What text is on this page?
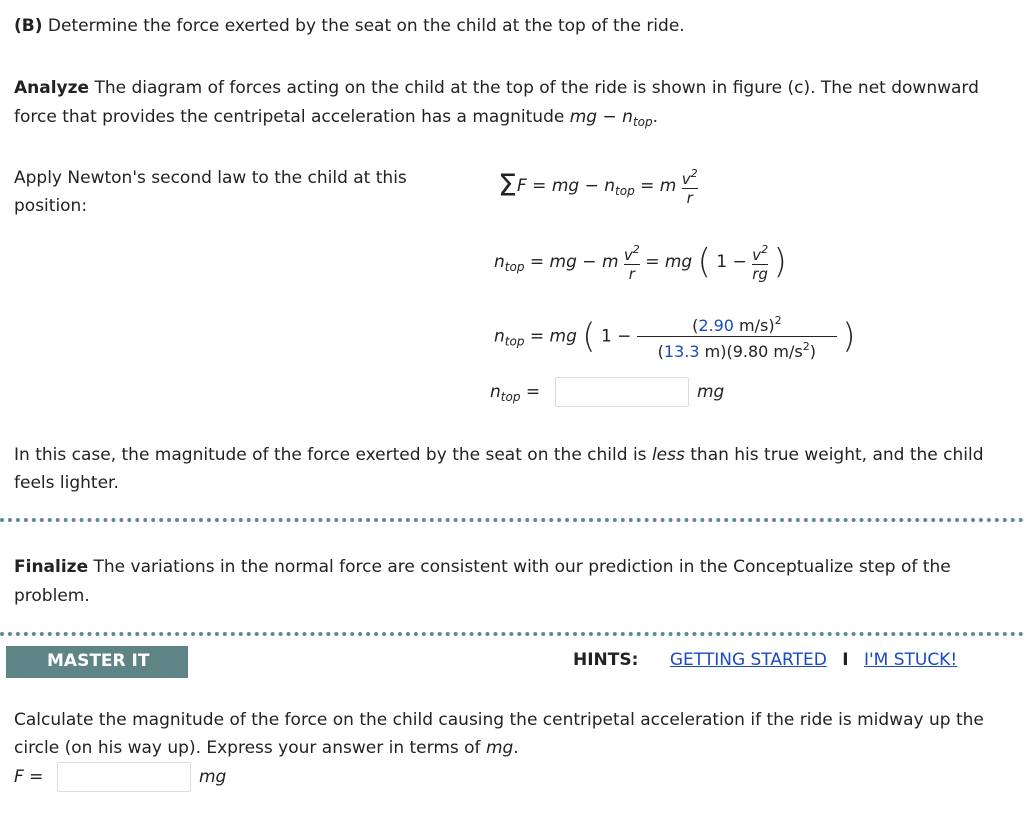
(B) Determine the force exerted by the seat on the child at the top of the ride.
Analyze The diagram of forces acting on the child at the top of the ride is shown in figure (c). The net downward force that provides the centripetal acceleration has a magnitude mg − $n_{top}$.
Apply Newton's second law to the child at this position:
ΣF = mg − $n_{top} = m \frac{v^2}{r}$
$n_{top}$ = mg − m $\frac{v^2}{r}$ = mg ( $1 - \frac{v^2}{rg}$ )
$n_{top}$ = mg ( $1 - \frac{(2.90 m/s)^2}{(13.3 m)(9.80 m/s^2)}$ )
$n_{top}$ =	mg
In this case, the magnitude of the force exerted by the seat on the child is less than his true weight, and the child feels lighter.
Finalize The variations in the normal force are consistent with our prediction in the Conceptualize step of the problem.
MASTER IT	HINTS: GETTING STARTED I I'M STUCK!
Calculate the magnitude of the force on the child causing the centripetal acceleration if the ride is midway up the circle (on his way up). Express your answer in terms of mg.
F =	mg
